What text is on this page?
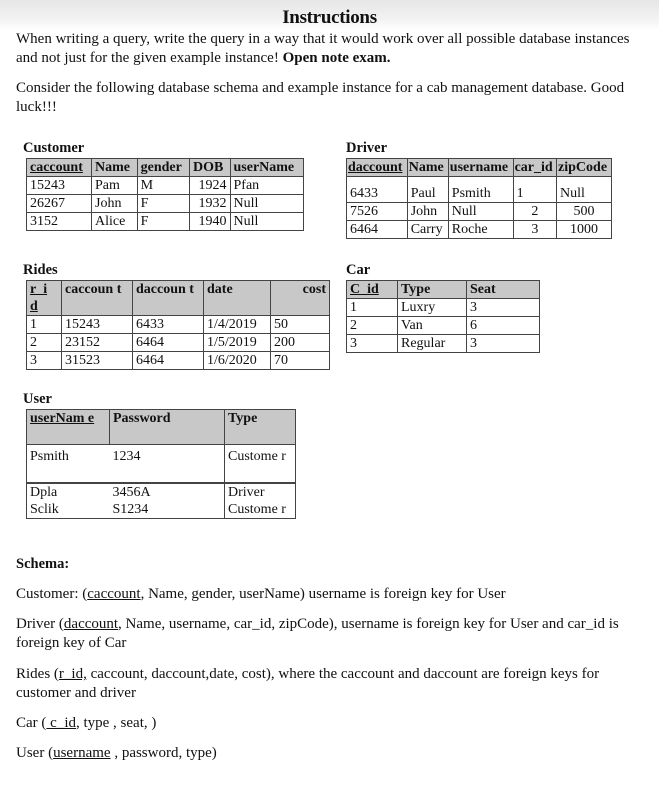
Instructions
When writing a query, write the query in a way that it would work over all possible database instances and not just for the given example instance! Open note exam.
Consider the following database schema and example instance for a cab management database. Good luck!!!
Customer
caccount	Name	gender	DOB	userName
15243	Pam	M	1924	Pfan
26267	John	F	1932	Null
3152	Alice	F	1940	Null
Driver
daccount	Name	username	car_id	zipCode
6433	Paul	Psmith	1	Null
7526	John	Null	2	500
6464	Carry	Roche	3	1000
Rides
r_i d	caccoun t	daccoun t	date	cost
1	15243	6433	1/4/2019	50
2	23152	6464	1/5/2019	200
3	31523	6464	1/6/2020	70
Car
C_id	Type	Seat
1	Luxry	3
2	Van	6
3	Regular	3
User
userNam e	Password	Type
Psmith	1234	Custome r
Dpla	3456A	Driver
Sclik	S1234	Custome r
Schema:
Customer: (caccount, Name, gender, userName) username is foreign key for User
Driver (daccount, Name, username, car_id, zipCode), username is foreign key for User and car_id is foreign key of Car
Rides (r_id, caccount, daccount,date, cost), where the caccount and daccount are foreign keys for customer and driver
Car ( c_id, type , seat, )
User (username , password, type)
